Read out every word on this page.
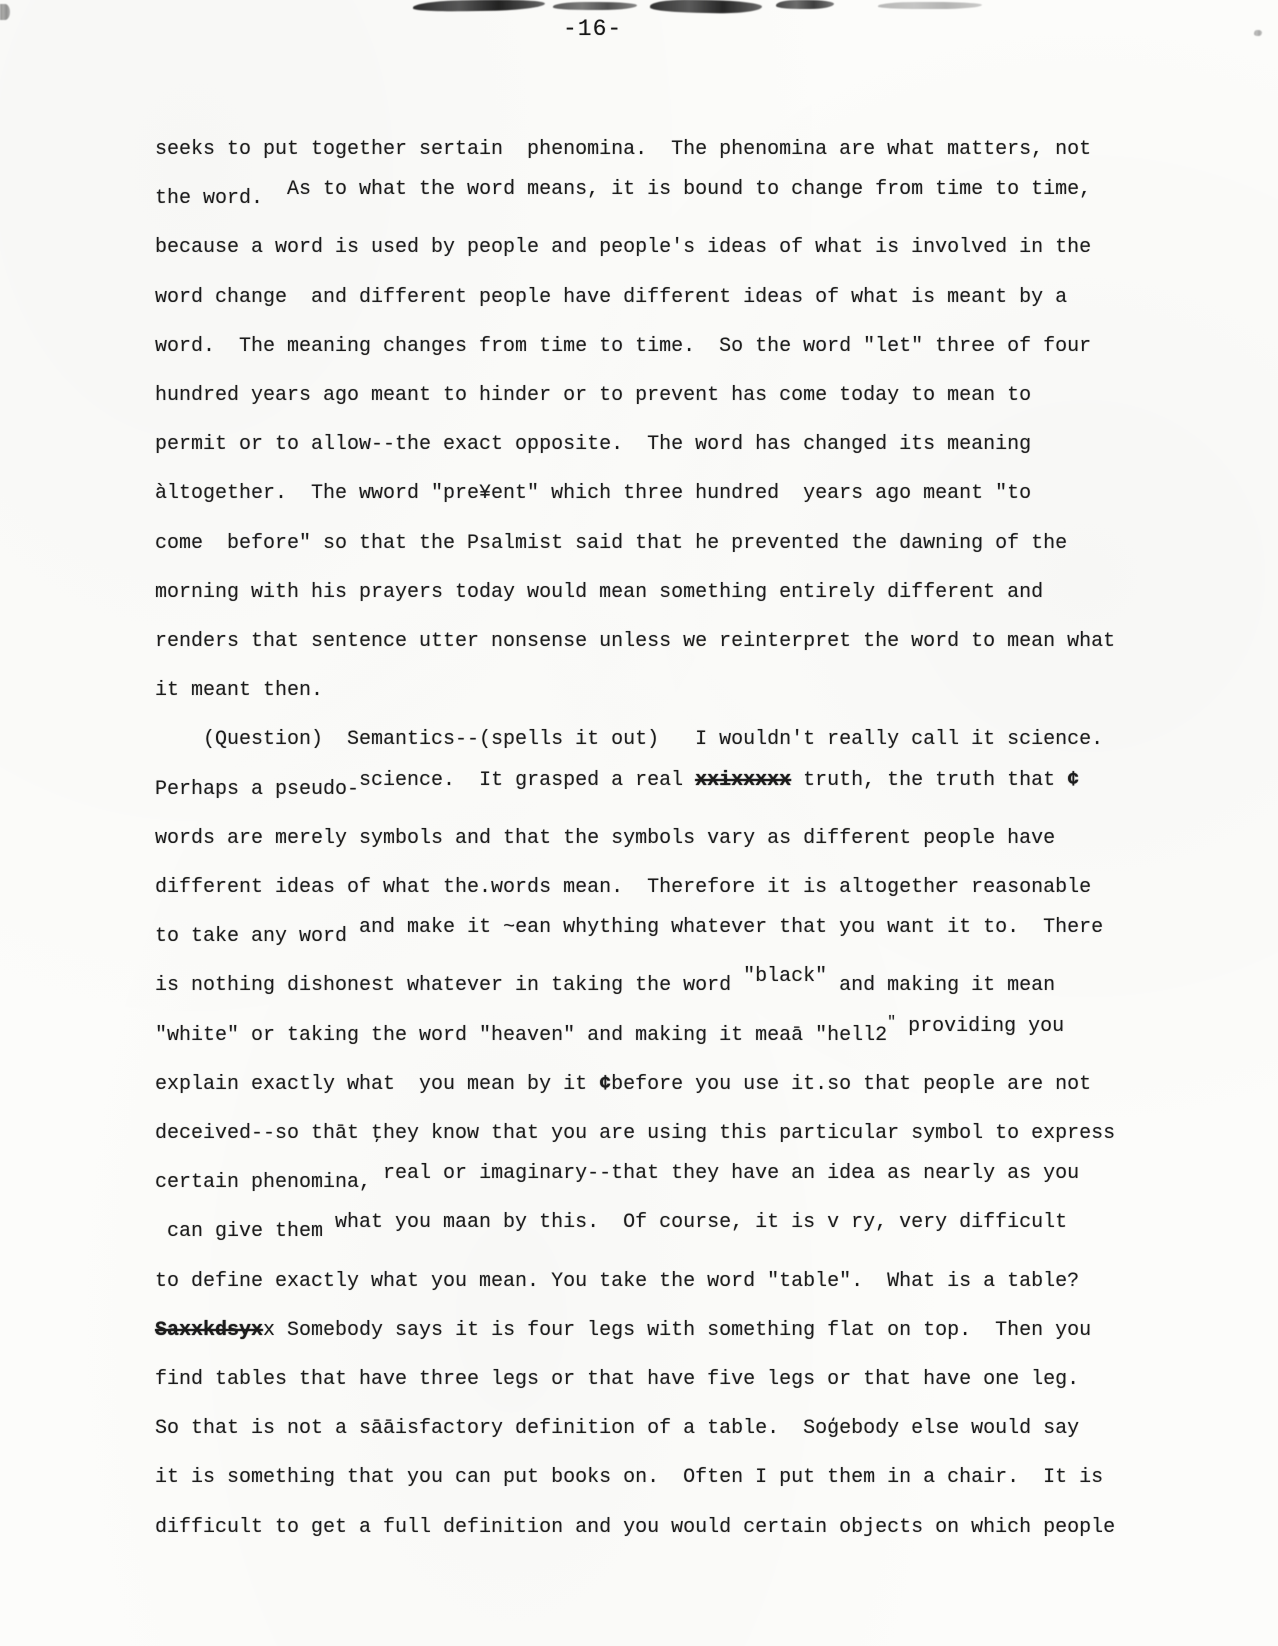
-16-
seeks to put together sertain  phenomina.  The phenomina are what matters, not
the word.  As to what the word means, it is bound to change from time to time,
because a word is used by people and people's ideas of what is involved in the
word change  and different people have different ideas of what is meant by a
word.  The meaning changes from time to time.  So the word "let" three of four
hundred years ago meant to hinder or to prevent has come today to mean to
permit or to allow--the exact opposite.  The word has changed its meaning
àltogether.  The wword "pre¥ent" which three hundred  years ago meant "to
come  before" so that the Psalmist said that he prevented the dawning of the
morning with his prayers today would mean something entirely different and
renders that sentence utter nonsense unless we reinterpret the word to mean what
it meant then.
(Question)  Semantics--(spells it out)   I wouldn't really call it science.
Perhaps a pseudo-science.  It grasped a real xxixxxxx truth, the truth that ¢
words are merely symbols and that the symbols vary as different people have
different ideas of what the.words mean.  Therefore it is altogether reasonable
to take any word and make it ~ean whything whatever that you want it to.  There
is nothing dishonest whatever in taking the word "black" and making it mean
"white" or taking the word "heaven" and making it meaā "hell2" providing you
explain exactly what  you mean by it ¢before you use it.so that people are not
deceived--so thāt ţhey know that you are using this particular symbol to express
certain phenomina, real or imaginary--that they have an idea as nearly as you
can give them what you maan by this.  Of course, it is v ry, very difficult
to define exactly what you mean. You take the word "table".  What is a table?
Saxxkdsyxx Somebody says it is four legs with something flat on top.  Then you
find tables that have three legs or that have five legs or that have one leg.
So that is not a sāāisfactory definition of a table.  Soģebody else would say
it is something that you can put books on.  Often I put them in a chair.  It is
difficult to get a full definition and you would certain objects on which people
